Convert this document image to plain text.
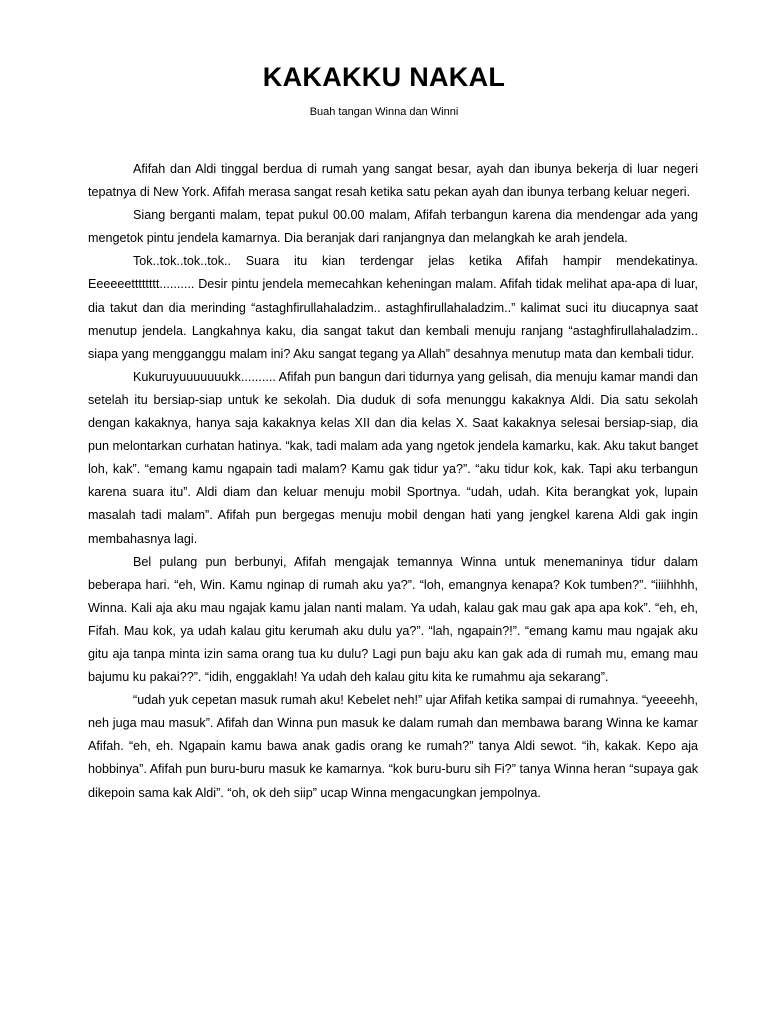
KAKAKKU NAKAL
Buah tangan Winna dan Winni

Afifah dan Aldi tinggal berdua di rumah yang sangat besar, ayah dan ibunya bekerja di luar negeri tepatnya di New York. Afifah merasa sangat resah ketika satu pekan ayah dan ibunya terbang keluar negeri.

Siang berganti malam, tepat pukul 00.00 malam, Afifah terbangun karena dia mendengar ada yang mengetok pintu jendela kamarnya. Dia beranjak dari ranjangnya dan melangkah ke arah jendela.

Tok..tok..tok..tok.. Suara itu kian terdengar jelas ketika Afifah hampir mendekatinya. Eeeeeetttttttt.......... Desir pintu jendela memecahkan keheningan malam. Afifah tidak melihat apa-apa di luar, dia takut dan dia merinding “astaghfirullahaladzim.. astaghfirullahaladzim..” kalimat suci itu diucapnya saat menutup jendela. Langkahnya kaku, dia sangat takut dan kembali menuju ranjang “astaghfirullahaladzim.. siapa yang mengganggu malam ini? Aku sangat tegang ya Allah” desahnya menutup mata dan kembali tidur.

Kukuruyuuuuuuukk.......... Afifah pun bangun dari tidurnya yang gelisah, dia menuju kamar mandi dan setelah itu bersiap-siap untuk ke sekolah. Dia duduk di sofa menunggu kakaknya Aldi. Dia satu sekolah dengan kakaknya, hanya saja kakaknya kelas XII dan dia kelas X. Saat kakaknya selesai bersiap-siap, dia pun melontarkan curhatan hatinya. “kak, tadi malam ada yang ngetok jendela kamarku, kak. Aku takut banget loh, kak”. “emang kamu ngapain tadi malam? Kamu gak tidur ya?”. “aku tidur kok, kak. Tapi aku terbangun karena suara itu”. Aldi diam dan keluar menuju mobil Sportnya. “udah, udah. Kita berangkat yok, lupain masalah tadi malam”. Afifah pun bergegas menuju mobil dengan hati yang jengkel karena Aldi gak ingin membahasnya lagi.

Bel pulang pun berbunyi, Afifah mengajak temannya Winna untuk menemaninya tidur dalam beberapa hari. “eh, Win. Kamu nginap di rumah aku ya?”. “loh, emangnya kenapa? Kok tumben?”. “iiiihhhh, Winna. Kali aja aku mau ngajak kamu jalan nanti malam. Ya udah, kalau gak mau gak apa apa kok”. “eh, eh, Fifah. Mau kok, ya udah kalau gitu kerumah aku dulu ya?”. “lah, ngapain?!”. “emang kamu mau ngajak aku gitu aja tanpa minta izin sama orang tua ku dulu? Lagi pun baju aku kan gak ada di rumah mu, emang mau bajumu ku pakai??”. “idih, enggaklah! Ya udah deh kalau gitu kita ke rumahmu aja sekarang”.

“udah yuk cepetan masuk rumah aku! Kebelet neh!” ujar Afifah ketika sampai di rumahnya. “yeeeehh, neh juga mau masuk”. Afifah dan Winna pun masuk ke dalam rumah dan membawa barang Winna ke kamar Afifah. “eh, eh. Ngapain kamu bawa anak gadis orang ke rumah?” tanya Aldi sewot. “ih, kakak. Kepo aja hobbinya”. Afifah pun buru-buru masuk ke kamarnya. “kok buru-buru sih Fi?” tanya Winna heran “supaya gak dikepoin sama kak Aldi”. “oh, ok deh siip” ucap Winna mengacungkan jempolnya.
